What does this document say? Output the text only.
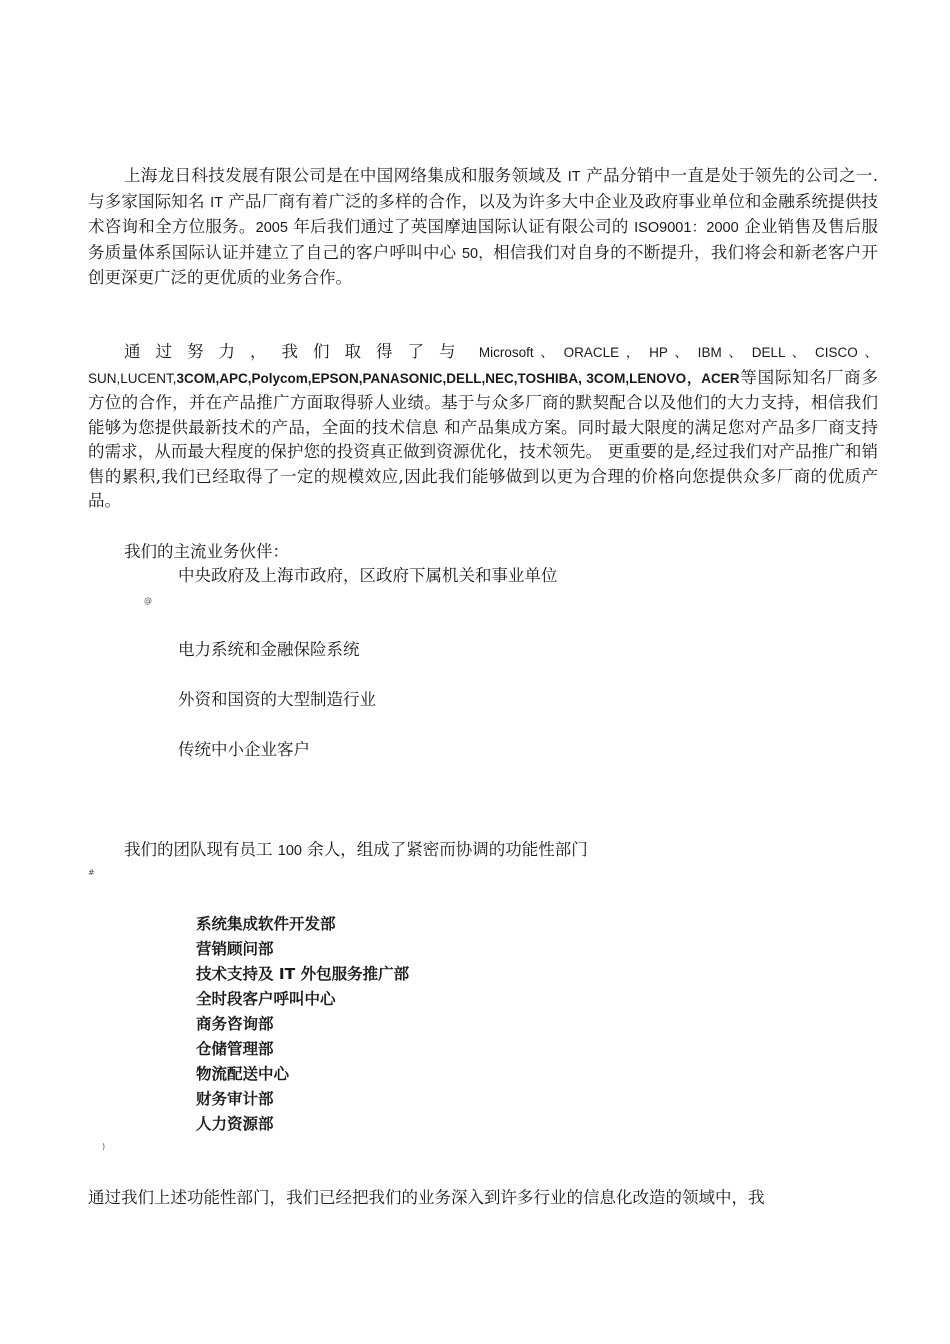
上海龙日科技发展有限公司是在中国网络集成和服务领域及 IT 产品分销中一直是处于领先的公司之一.与多家国际知名 IT 产品厂商有着广泛的多样的合作，以及为许多大中企业及政府事业单位和金融系统提供技术咨询和全方位服务。2005 年后我们通过了英国摩迪国际认证有限公司的 ISO9001：2000 企业销售及售后服务质量体系国际认证并建立了自己的客户呼叫中心 50，相信我们对自身的不断提升，我们将会和新老客户开创更深更广泛的更优质的业务合作。
通过努力，我们取得了与 Microsoft 、 ORACLE ， HP 、 IBM 、 DELL 、 CISCO 、 SUN,LUCENT,3COM,APC,Polycom,EPSON,PANASONIC,DELL,NEC,TOSHIBA, 3COM,LENOVO，ACER等国际知名厂商多方位的合作，并在产品推广方面取得骄人业绩。基于与众多厂商的默契配合以及他们的大力支持，相信我们能够为您提供最新技术的产品，全面的技术信息 和产品集成方案。同时最大限度的满足您对产品多厂商支持的需求，从而最大程度的保护您的投资真正做到资源优化，技术领先。 更重要的是,经过我们对产品推广和销售的累积,我们已经取得了一定的规模效应,因此我们能够做到以更为合理的价格向您提供众多厂商的优质产品。
我们的主流业务伙伴：
中央政府及上海市政府，区政府下属机关和事业单位
@
电力系统和金融保险系统
外资和国资的大型制造行业
传统中小企业客户
我们的团队现有员工 100 余人，组成了紧密而协调的功能性部门
#
系统集成软件开发部
营销顾问部
技术支持及 IT 外包服务推广部
全时段客户呼叫中心
商务咨询部
仓储管理部
物流配送中心
财务审计部
人力资源部
)
通过我们上述功能性部门，我们已经把我们的业务深入到许多行业的信息化改造的领域中，我
